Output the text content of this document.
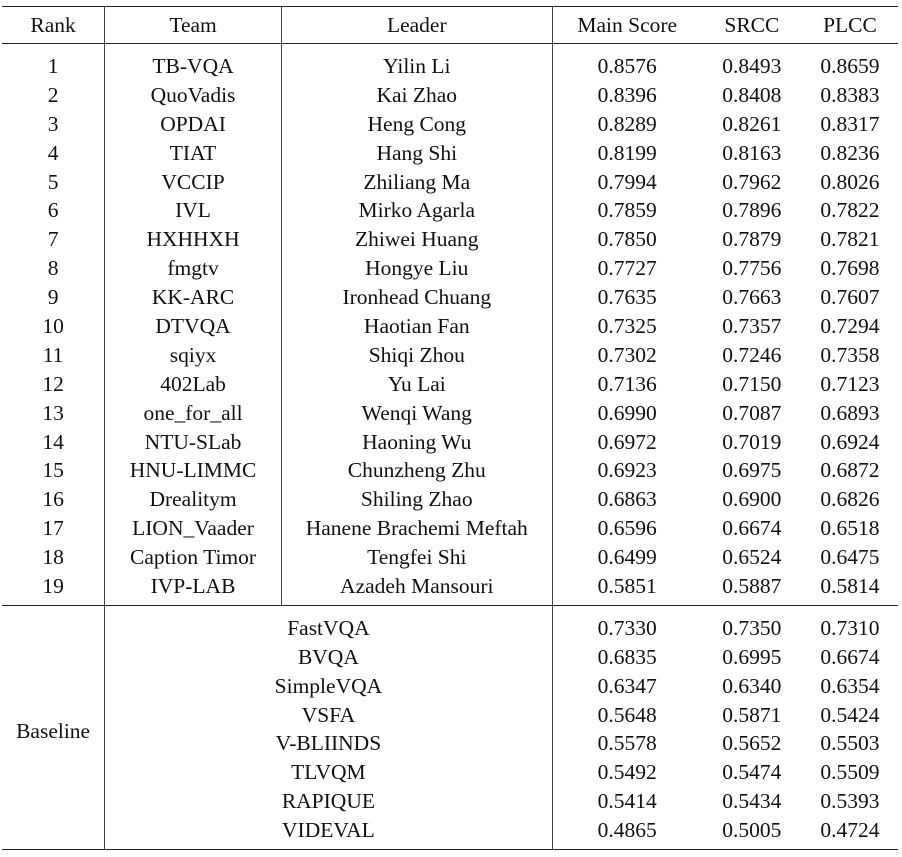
Rank	Team	Leader	Main Score	SRCC	PLCC
1	TB-VQA	Yilin Li	0.8576	0.8493	0.8659
2	QuoVadis	Kai Zhao	0.8396	0.8408	0.8383
3	OPDAI	Heng Cong	0.8289	0.8261	0.8317
4	TIAT	Hang Shi	0.8199	0.8163	0.8236
5	VCCIP	Zhiliang Ma	0.7994	0.7962	0.8026
6	IVL	Mirko Agarla	0.7859	0.7896	0.7822
7	HXHHXH	Zhiwei Huang	0.7850	0.7879	0.7821
8	fmgtv	Hongye Liu	0.7727	0.7756	0.7698
9	KK-ARC	Ironhead Chuang	0.7635	0.7663	0.7607
10	DTVQA	Haotian Fan	0.7325	0.7357	0.7294
11	sqiyx	Shiqi Zhou	0.7302	0.7246	0.7358
12	402Lab	Yu Lai	0.7136	0.7150	0.7123
13	one_for_all	Wenqi Wang	0.6990	0.7087	0.6893
14	NTU-SLab	Haoning Wu	0.6972	0.7019	0.6924
15	HNU-LIMMC	Chunzheng Zhu	0.6923	0.6975	0.6872
16	Drealitym	Shiling Zhao	0.6863	0.6900	0.6826
17	LION_Vaader	Hanene Brachemi Meftah	0.6596	0.6674	0.6518
18	Caption Timor	Tengfei Shi	0.6499	0.6524	0.6475
19	IVP-LAB	Azadeh Mansouri	0.5851	0.5887	0.5814
Baseline	FastVQA		0.7330	0.7350	0.7310
	BVQA		0.6835	0.6995	0.6674
	SimpleVQA		0.6347	0.6340	0.6354
	VSFA		0.5648	0.5871	0.5424
	V-BLIINDS		0.5578	0.5652	0.5503
	TLVQM		0.5492	0.5474	0.5509
	RAPIQUE		0.5414	0.5434	0.5393
	VIDEVAL		0.4865	0.5005	0.4724
